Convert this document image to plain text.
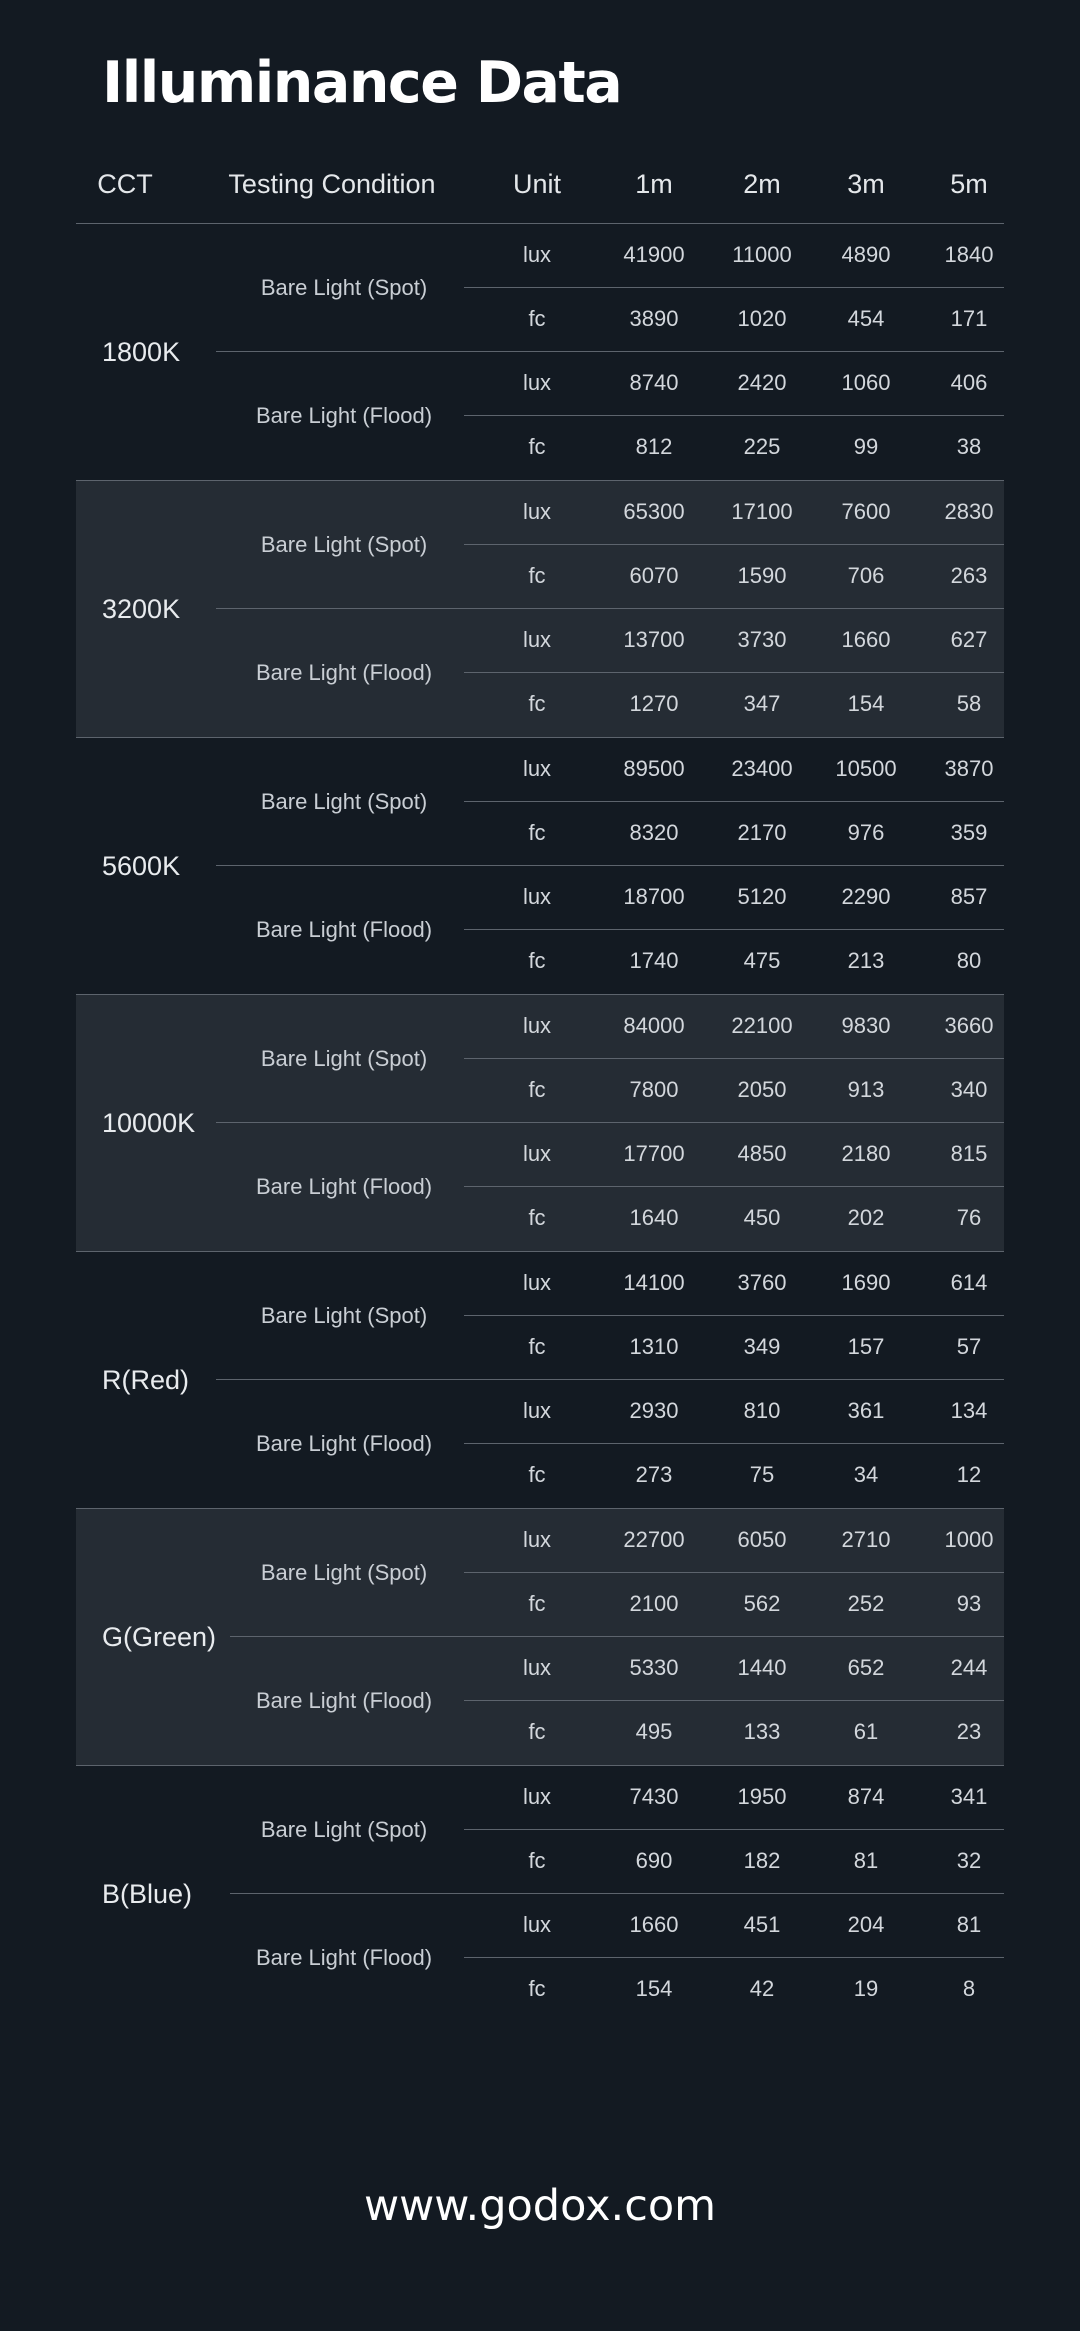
Illuminance Data
CCT	Testing Condition	Unit	1m	2m	3m	5m
1800K
Bare Light (Spot)
lux	41900	11000	4890	1840
fc	3890	1020	454	171
Bare Light (Flood)
lux	8740	2420	1060	406
fc	812	225	99	38
3200K
Bare Light (Spot)
lux	65300	17100	7600	2830
fc	6070	1590	706	263
Bare Light (Flood)
lux	13700	3730	1660	627
fc	1270	347	154	58
5600K
Bare Light (Spot)
lux	89500	23400	10500	3870
fc	8320	2170	976	359
Bare Light (Flood)
lux	18700	5120	2290	857
fc	1740	475	213	80
10000K
Bare Light (Spot)
lux	84000	22100	9830	3660
fc	7800	2050	913	340
Bare Light (Flood)
lux	17700	4850	2180	815
fc	1640	450	202	76
R(Red)
Bare Light (Spot)
lux	14100	3760	1690	614
fc	1310	349	157	57
Bare Light (Flood)
lux	2930	810	361	134
fc	273	75	34	12
G(Green)
Bare Light (Spot)
lux	22700	6050	2710	1000
fc	2100	562	252	93
Bare Light (Flood)
lux	5330	1440	652	244
fc	495	133	61	23
B(Blue)
Bare Light (Spot)
lux	7430	1950	874	341
fc	690	182	81	32
Bare Light (Flood)
lux	1660	451	204	81
fc	154	42	19	8
www.godox.com
